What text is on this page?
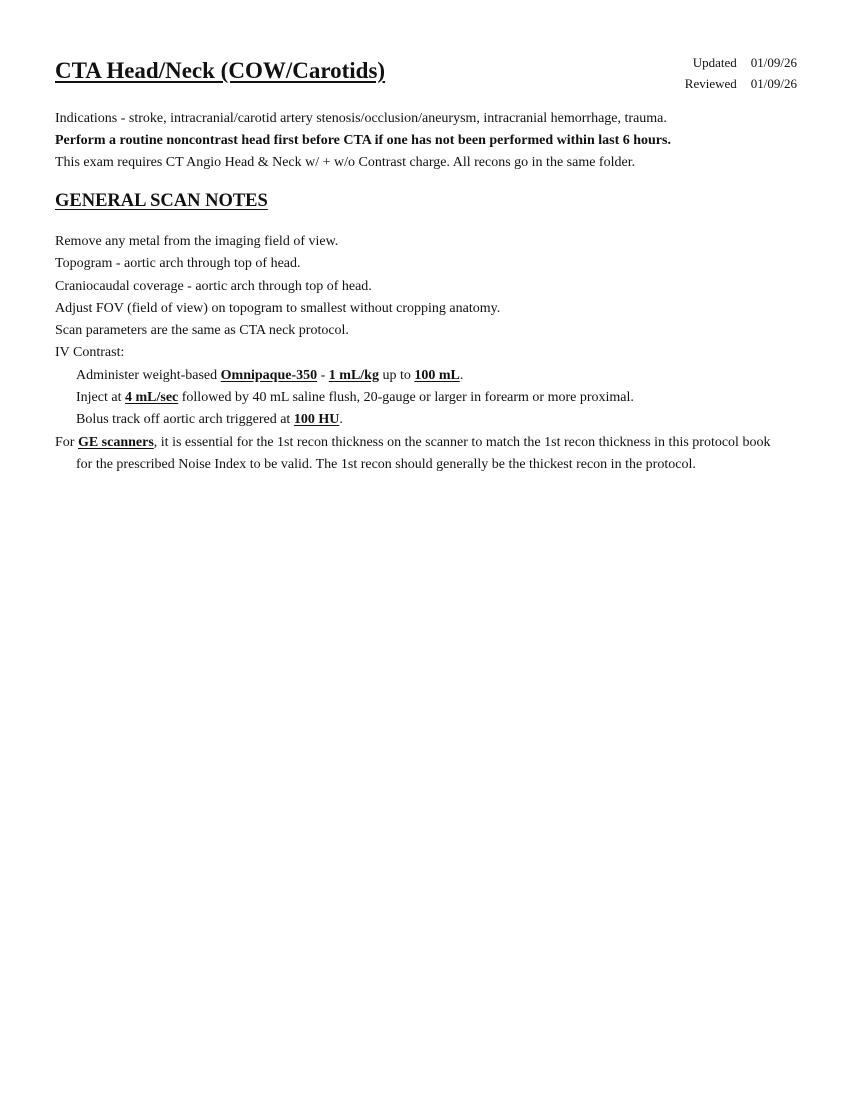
CTA Head/Neck (COW/Carotids)	Updated 01/09/26
Reviewed 01/09/26

Indications - stroke, intracranial/carotid artery stenosis/occlusion/aneurysm, intracranial hemorrhage, trauma.

Perform a routine noncontrast head first before CTA if one has not been performed within last 6 hours.

This exam requires CT Angio Head & Neck w/ + w/o Contrast charge. All recons go in the same folder.

GENERAL SCAN NOTES

Remove any metal from the imaging field of view.

Topogram - aortic arch through top of head.

Craniocaudal coverage - aortic arch through top of head.

Adjust FOV (field of view) on topogram to smallest without cropping anatomy.

Scan parameters are the same as CTA neck protocol.

IV Contrast:

Administer weight-based Omnipaque-350 - 1 mL/kg up to 100 mL.

Inject at 4 mL/sec followed by 40 mL saline flush, 20-gauge or larger in forearm or more proximal.

Bolus track off aortic arch triggered at 100 HU.

For GE scanners, it is essential for the 1st recon thickness on the scanner to match the 1st recon thickness in this protocol book for the prescribed Noise Index to be valid. The 1st recon should generally be the thickest recon in the protocol.
